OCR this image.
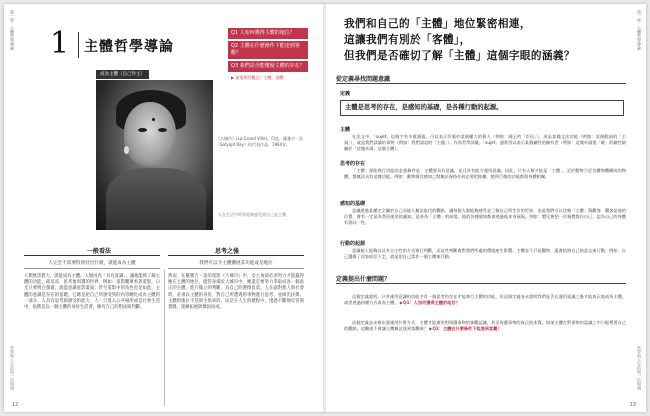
第一章・主體哲學導論
哲學與人生的第一次相遇
1	主體哲學導論
Q1 人如何獲得主體的地位？
Q2 主體在什麼條件下能達到客觀？
Q3 我們是否能懷疑主體的存在？
▶ 最重要的觀念：主體、客體
成為主體（自己作主）
《大城市》(La Grand Ville)，印度，薩雅吉・雷（Satyajit Ray）的代表作品，1964年。
人在生活中時常能夠感受到自己是主體
一般看法	思考之後
人完全不需要特別付出什麼，就能成為主體	我們可以令主體擴展其功能或是地位
人類無需費力，就能成為主體。人類因為「具有意識」，讓他能夠了解主體的功能，即反省、思考他周遭的世界，例如：電影觀眾看著電影，日光只要明白螢幕，就能意識電影畫面；甚至電影中的角色也是如此。主體的意識是存在的基礎，它總是把自己所感受到的內容轉化成為主體的一部分。人具有思考與感受的能力，人一旦進入公共場所或是社會生活中，依舊是以一個主體的身份生活著，擁有自己的想法與判斷。
然而，在羅雅吉・雷的電影《大城市》中，女主角卻必須努力才能贏得她在主體的地位。儘管身處於大城市中，她還是要努力爭取成為一個真正的主體，進行獨立的判斷，為自己的選擇負責。人在面對他人與社會時，必須以主體的身份，對自己所遭遇的事物進行思考，並做出抉擇。主體的地位不是與生俱來的，而是在人生的歷程中，透過不斷地反省與實踐，逐漸拓展與鞏固而成。
12
第一章・主體哲學導論
哲學與人生的第一次相遇
我們和自己的「主體」地位緊密相連，
這讓我們有別於「客體」，
但我們是否確切了解「主體」這個字眼的涵義？
從定義尋找問題意識
定義
主體是思考的存在，是感知的基礎，是各種行動的起源。
主體
在法文中，「sujet」這個字有多重涵義，可以表示臣服於某個權力的個人（例如：國王的「臣民」），或是某種文法功能（例如：某個動詞的「主詞」），或是我們談論的事物（例如：我們談話的「主題」）。作為哲學詞彙，「sujet」通常用以表示某個屬性的擁有者（例如：這塊木頭很「硬」的屬性歸屬於「這塊木頭」這個主體）。
思考的存在
「主體」要能執行功能的必要條件是：主體要具有意識，並且具有能力運用意識。因此，只有人類才能是「主體」，至於動物乃至各種物體構成的物體，都無法具有這種功能。例如：動物與其感知之間無法保持任何必要的距離，牠所行使的功能都與身體相關。
感知的基礎
意識透過某種完全屬於自己而他人無法取代的觀點，讓每個人都能夠感受並了解自己所生存的世界，由此我們可以比較「主體」與觀客：觀客是他的位置，會有一定是為我而運用的識知，是身為「主體」的前提。他的各種感知都會透過他本身展現，例如：嬰兒會把一切視覺都作自己，認為自己的身體有著同一性。
行動的起源
意識使人能夠以具有自主性的方式進行判斷，而這些判斷會對我們所處的環境產生影響。主體並不只是觀察，還會依照自己的意志來行動，例如：自己選擇了回家或往下走，就是把自己當作一個主體來行動。
定義提出什麼問題？
這個定義說明，只有運用意識的功能才有一個思考的存在才能執行主體的功能，但這個定義並未說明我們是否在運用意識之後才能真正地成為主體，或者透過何種方式成為主體。 ▶Q1：人如何獲得主體的地位？
這個定義並未指出要運用什麼方式，主體才能運用對周遭事物的客觀認識，甚至周遭事物的真正的本質。如果主體在對事物的認識之中只能帶著自己的觀點，這難道不會讓主體無法達到客觀嗎？ ▶Q2：主體在什麼條件下能達到客觀？
13
